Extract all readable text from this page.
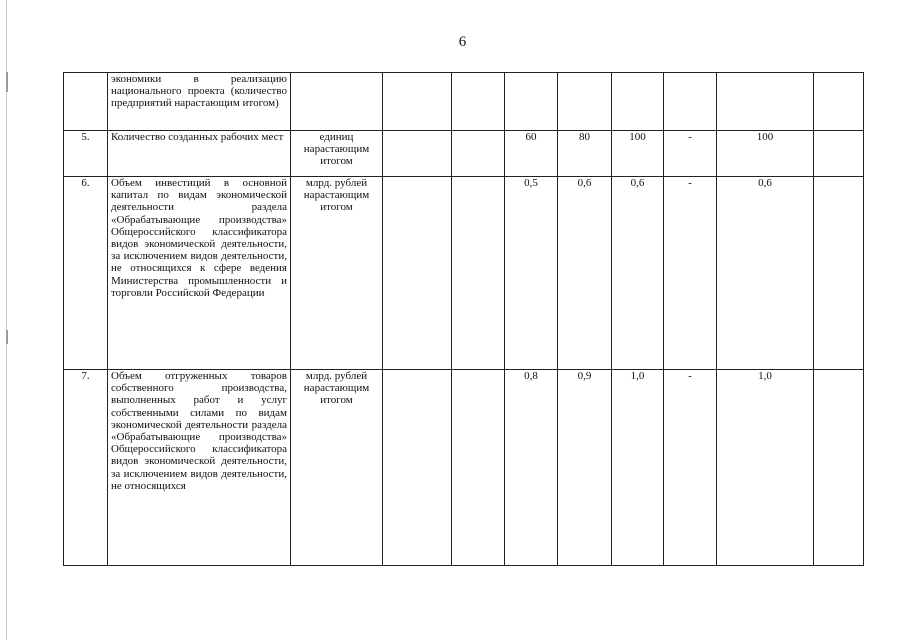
6
	экономики в реализацию национального проекта (количество предприятий нарастающим итогом)									
5.	Количество созданных рабочих мест	единиц нарастающим итогом			60	80	100	-	100	
6.	Объем инвестиций в основной капитал по видам экономической деятельности раздела «Обрабатывающие производства» Общероссийского классификатора видов экономической деятельности, за исключением видов деятельности, не относящихся к сфере ведения Министерства промышленности и торговли Российской Федерации	млрд. рублей нарастающим итогом			0,5	0,6	0,6	-	0,6	
7.	Объем отгруженных товаров собственного производства, выполненных работ и услуг собственными силами по видам экономической деятельности раздела «Обрабатывающие производства» Общероссийского классификатора видов экономической деятельности, за исключением видов деятельности, не относящихся	млрд. рублей нарастающим итогом			0,8	0,9	1,0	-	1,0	
